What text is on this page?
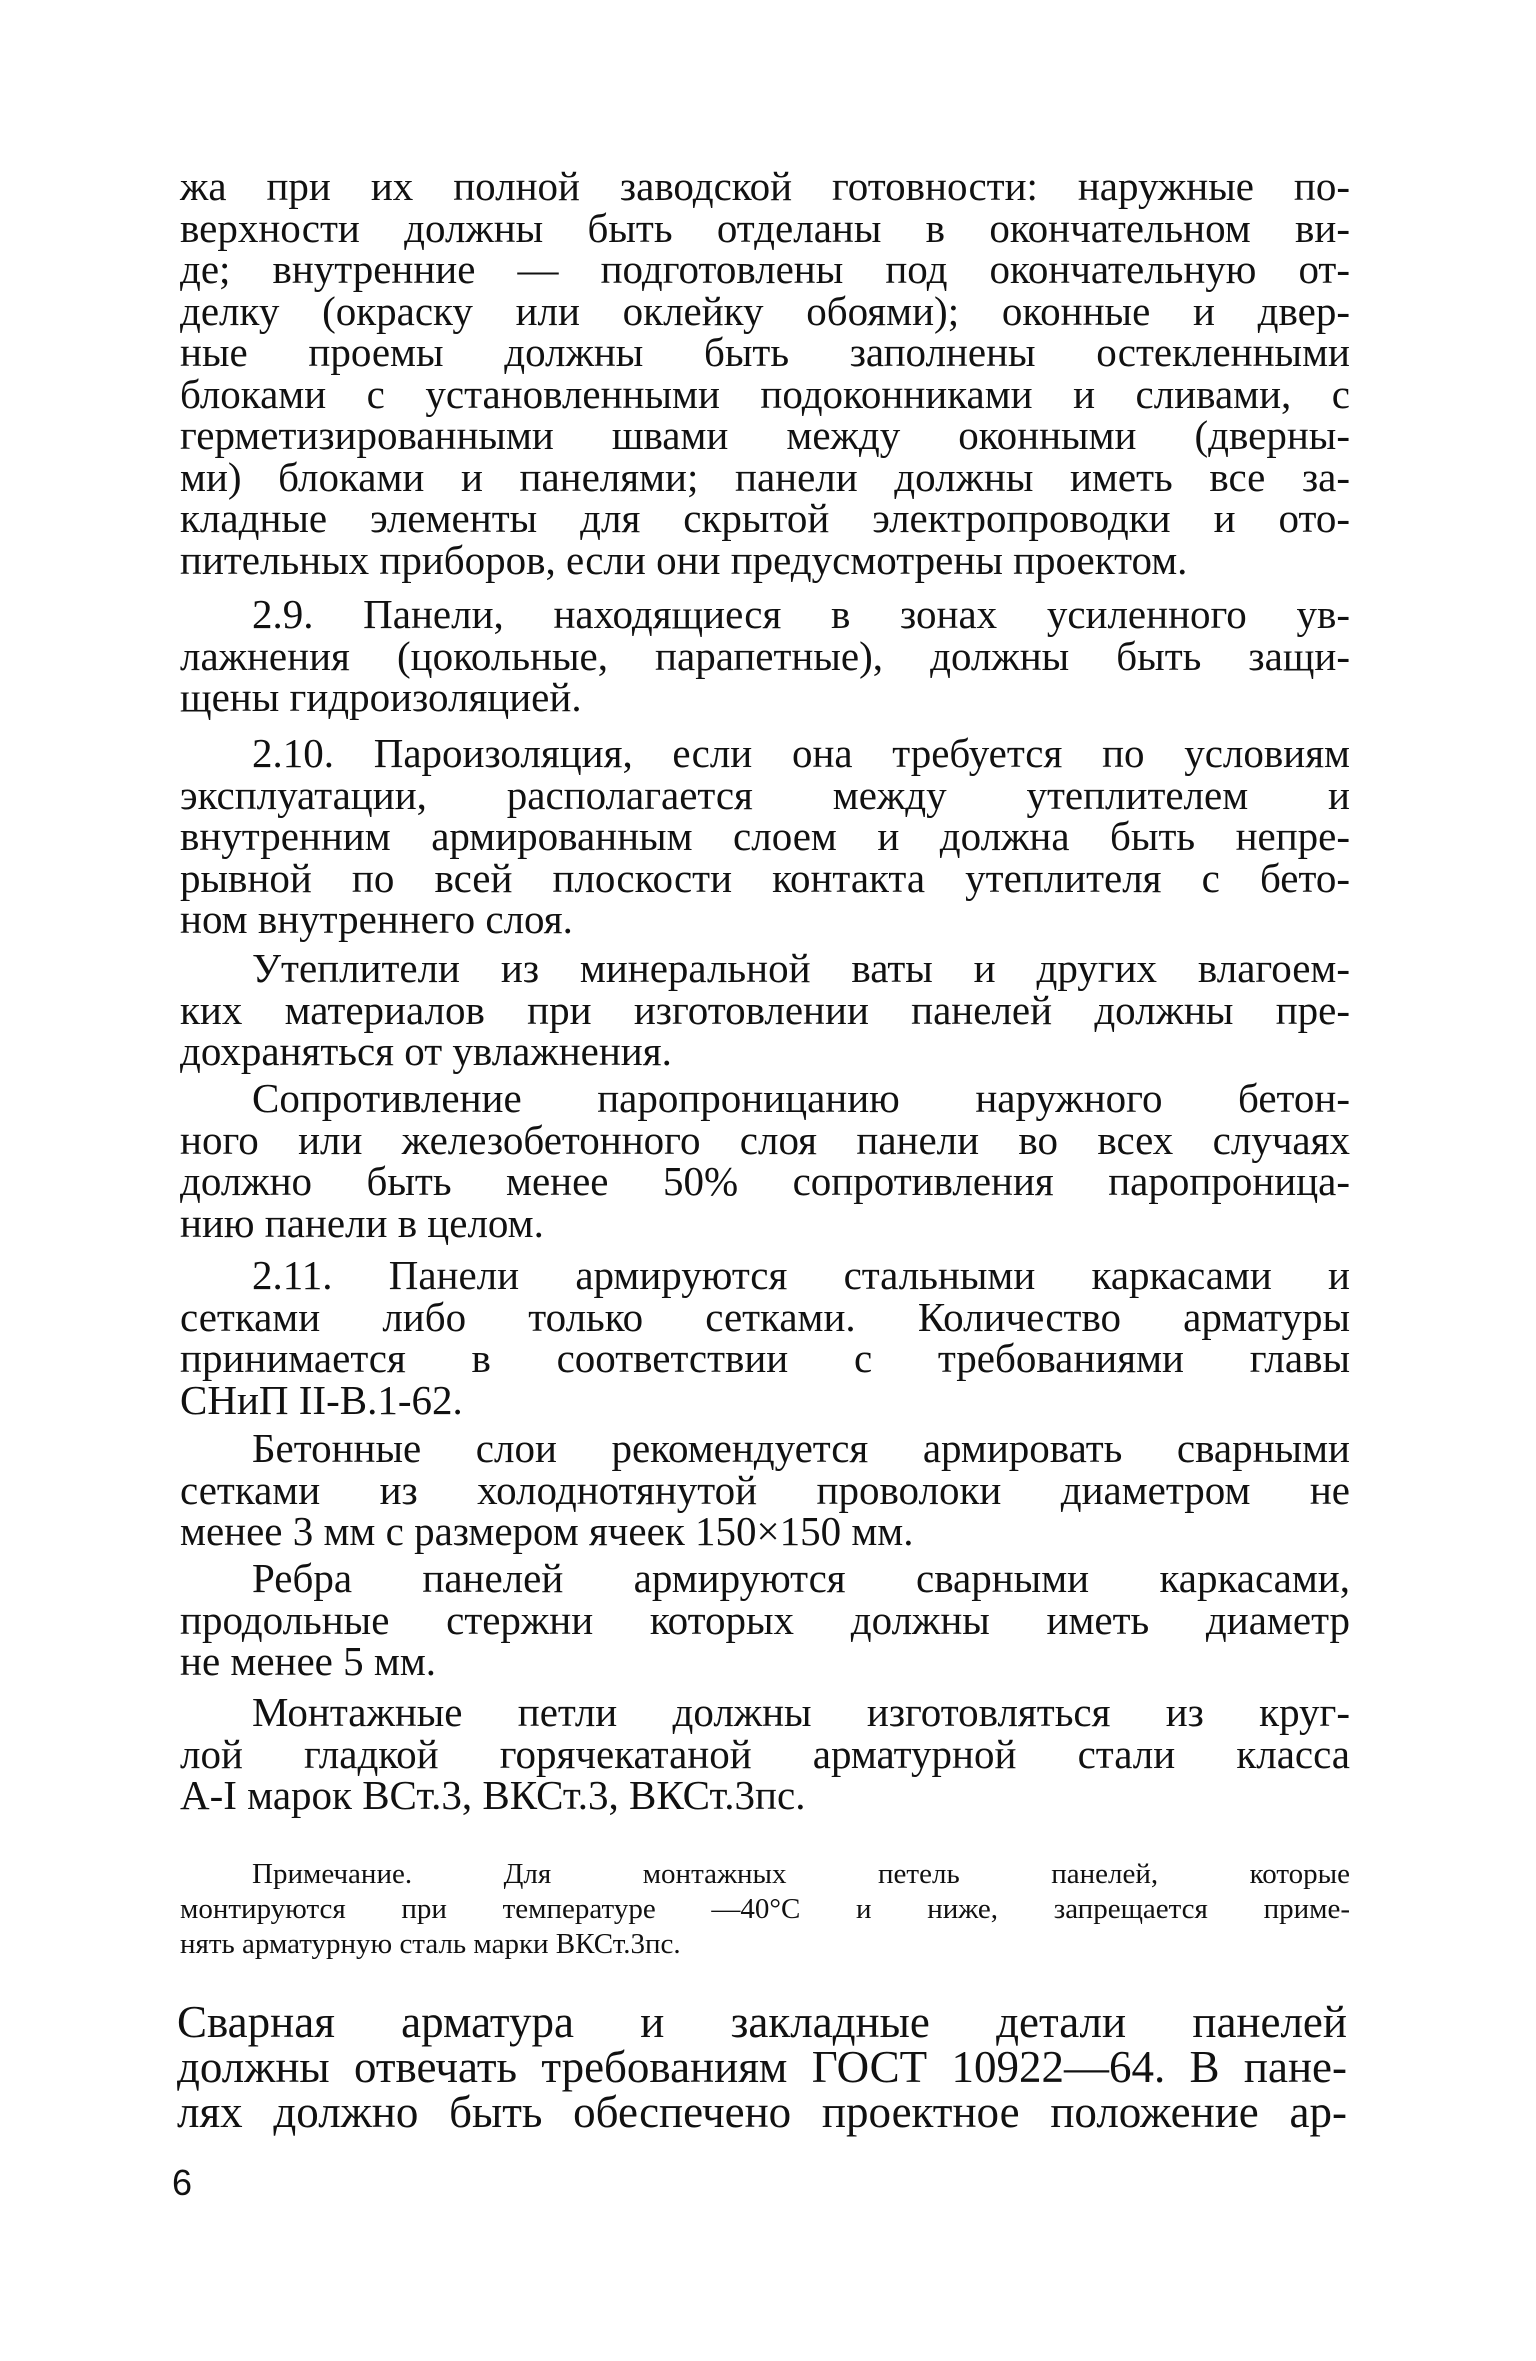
жа при их полной заводской готовности: наружные по-
верхности должны быть отделаны в окончательном ви-
де; внутренние — подготовлены под окончательную от-
делку (окраску или оклейку обоями); оконные и двер-
ные проемы должны быть заполнены остекленными
блоками с установленными подоконниками и сливами, с
герметизированными швами между оконными (дверны-
ми) блоками и панелями; панели должны иметь все за-
кладные элементы для скрытой электропроводки и ото-
пительных приборов, если они предусмотрены проектом.
2.9. Панели, находящиеся в зонах усиленного ув-
лажнения (цокольные, парапетные), должны быть защи-
щены гидроизоляцией.
2.10. Пароизоляция, если она требуется по условиям
эксплуатации, располагается между утеплителем и
внутренним армированным слоем и должна быть непре-
рывной по всей плоскости контакта утеплителя с бето-
ном внутреннего слоя.
Утеплители из минеральной ваты и других влагоем-
ких материалов при изготовлении панелей должны пре-
дохраняться от увлажнения.
Сопротивление паропроницанию наружного бетон-
ного или железобетонного слоя панели во всех случаях
должно быть менее 50% сопротивления паропроница-
нию панели в целом.
2.11. Панели армируются стальными каркасами и
сетками либо только сетками. Количество арматуры
принимается в соответствии с требованиями главы
СНиП II-В.1-62.
Бетонные слои рекомендуется армировать сварными
сетками из холоднотянутой проволоки диаметром не
менее 3 мм с размером ячеек 150×150 мм.
Ребра панелей армируются сварными каркасами,
продольные стержни которых должны иметь диаметр
не менее 5 мм.
Монтажные петли должны изготовляться из круг-
лой гладкой горячекатаной арматурной стали класса
А-I марок ВСт.3, ВКСт.3, ВКСт.3пс.
Примечание. Для монтажных петель панелей, которые
монтируются при температуре —40°С и ниже, запрещается приме-
нять арматурную сталь марки ВКСт.3пс.
Сварная арматура и закладные детали панелей
должны отвечать требованиям ГОСТ 10922—64. В пане-
лях должно быть обеспечено проектное положение ар-
6
